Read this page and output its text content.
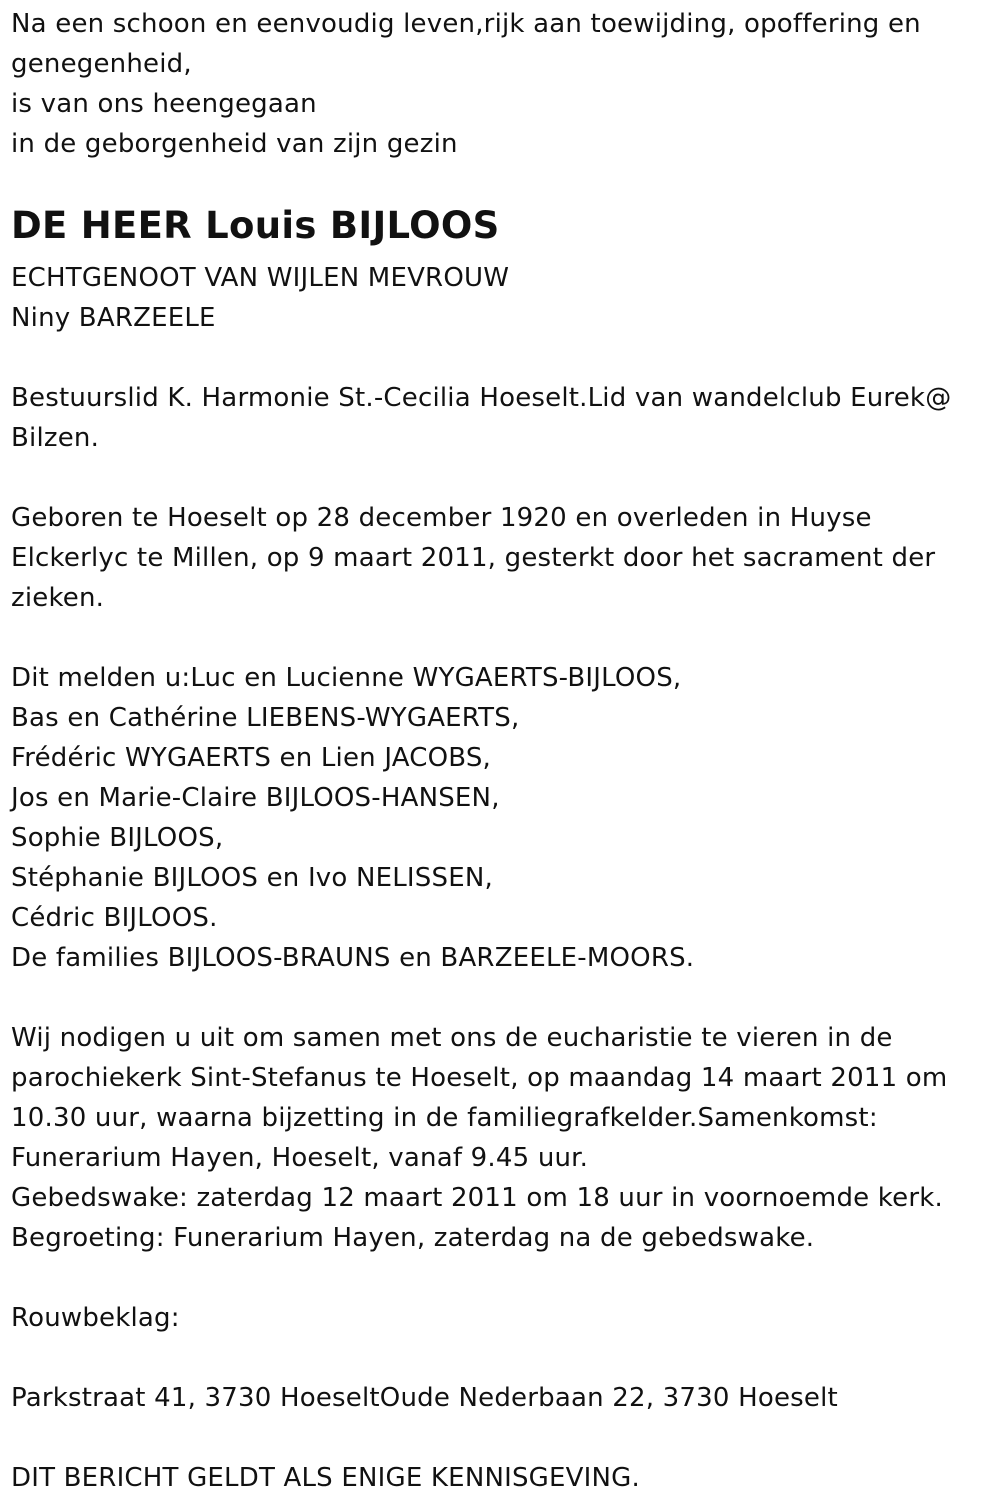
Na een schoon en eenvoudig leven,rijk aan toewijding, opoffering en
genegenheid,
is van ons heengegaan
in de geborgenheid van zijn gezin
DE HEER Louis BIJLOOS
ECHTGENOOT VAN WIJLEN MEVROUW
Niny BARZEELE
Bestuurslid K. Harmonie St.-Cecilia Hoeselt.Lid van wandelclub Eurek@
Bilzen.
Geboren te Hoeselt op 28 december 1920 en overleden in Huyse
Elckerlyc te Millen, op 9 maart 2011, gesterkt door het sacrament der
zieken.
Dit melden u:Luc en Lucienne WYGAERTS-BIJLOOS,
Bas en Cathérine LIEBENS-WYGAERTS,
Frédéric WYGAERTS en Lien JACOBS,
Jos en Marie-Claire BIJLOOS-HANSEN,
Sophie BIJLOOS,
Stéphanie BIJLOOS en Ivo NELISSEN,
Cédric BIJLOOS.
De families BIJLOOS-BRAUNS en BARZEELE-MOORS.
Wij nodigen u uit om samen met ons de eucharistie te vieren in de
parochiekerk Sint-Stefanus te Hoeselt, op maandag 14 maart 2011 om
10.30 uur, waarna bijzetting in de familiegrafkelder.Samenkomst:
Funerarium Hayen, Hoeselt, vanaf 9.45 uur.
Gebedswake: zaterdag 12 maart 2011 om 18 uur in voornoemde kerk.
Begroeting: Funerarium Hayen, zaterdag na de gebedswake.
Rouwbeklag:
Parkstraat 41, 3730 HoeseltOude Nederbaan 22, 3730 Hoeselt
DIT BERICHT GELDT ALS ENIGE KENNISGEVING.
